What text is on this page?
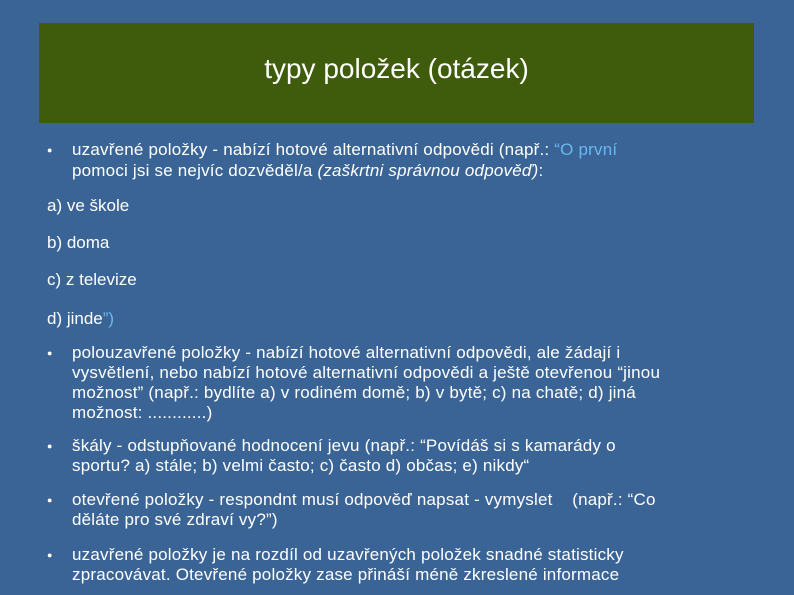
typy položek (otázek)
● uzavřené položky - nabízí hotové alternativní odpovědi (např.: “O první
pomoci jsi se nejvíc dozvěděl/a (zaškrtni správnou odpověď):
a) ve škole
b) doma
c) z televize
d) jinde”)
● polouzavřené položky - nabízí hotové alternativní odpovědi, ale žádají i
vysvětlení, nebo nabízí hotové alternativní odpovědi a ještě otevřenou “jinou
možnost” (např.: bydlíte a) v rodiném domě; b) v bytě; c) na chatě; d) jiná
možnost: ............)
● škály - odstupňované hodnocení jevu (např.: “Povídáš si s kamarády o
sportu? a) stále; b) velmi často; c) často d) občas; e) nikdy“
● otevřené položky - respondnt musí odpověď napsat - vymyslet    (např.: “Co
děláte pro své zdraví vy?”)
● uzavřené položky je na rozdíl od uzavřených položek snadné statisticky
zpracovávat. Otevřené položky zase přináší méně zkreslené informace
